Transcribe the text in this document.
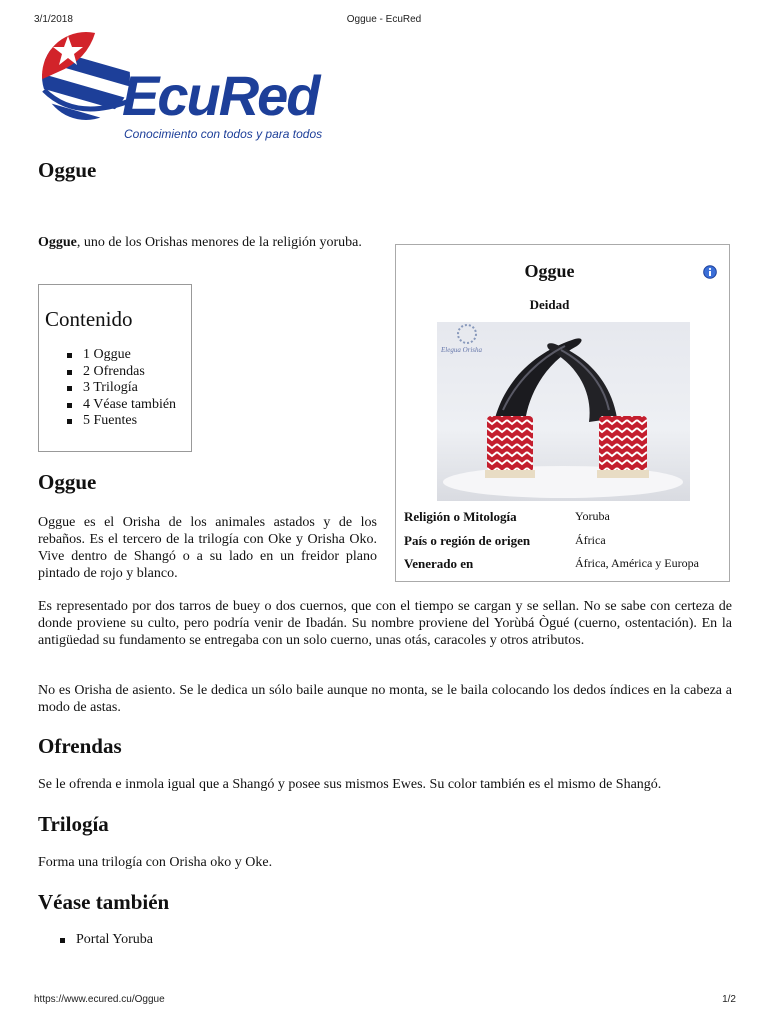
3/1/2018	Oggue - EcuRed
EcuRed
Conocimiento con todos y para todos
Oggue

Oggue, uno de los Orishas menores de la religión yoruba.

Contenido
1 Oggue
2 Ofrendas
3 Trilogía
4 Véase también
5 Fuentes
Oggue
Deidad
Elegua Orisha
Religión o Mitología	Yoruba
País o región de origen	África
Venerado en	África, América y Europa
Oggue

Oggue es el Orisha de los animales astados y de los rebaños. Es el tercero de la trilogía con Oke y Orisha Oko. Vive dentro de Shangó o a su lado en un freidor plano pintado de rojo y blanco.

Es representado por dos tarros de buey o dos cuernos, que con el tiempo se cargan y se sellan. No se sabe con certeza de donde proviene su culto, pero podría venir de Ibadán. Su nombre proviene del Yorùbá Ògué (cuerno, ostentación). En la antigüedad su fundamento se entregaba con un solo cuerno, unas otás, caracoles y otros atributos.

No es Orisha de asiento. Se le dedica un sólo baile aunque no monta, se le baila colocando los dedos índices en la cabeza a modo de astas.

Ofrendas

Se le ofrenda e inmola igual que a Shangó y posee sus mismos Ewes. Su color también es el mismo de Shangó.

Trilogía

Forma una trilogía con Orisha oko y Oke.

Véase también
Portal Yoruba
https://www.ecured.cu/Oggue	1/2
